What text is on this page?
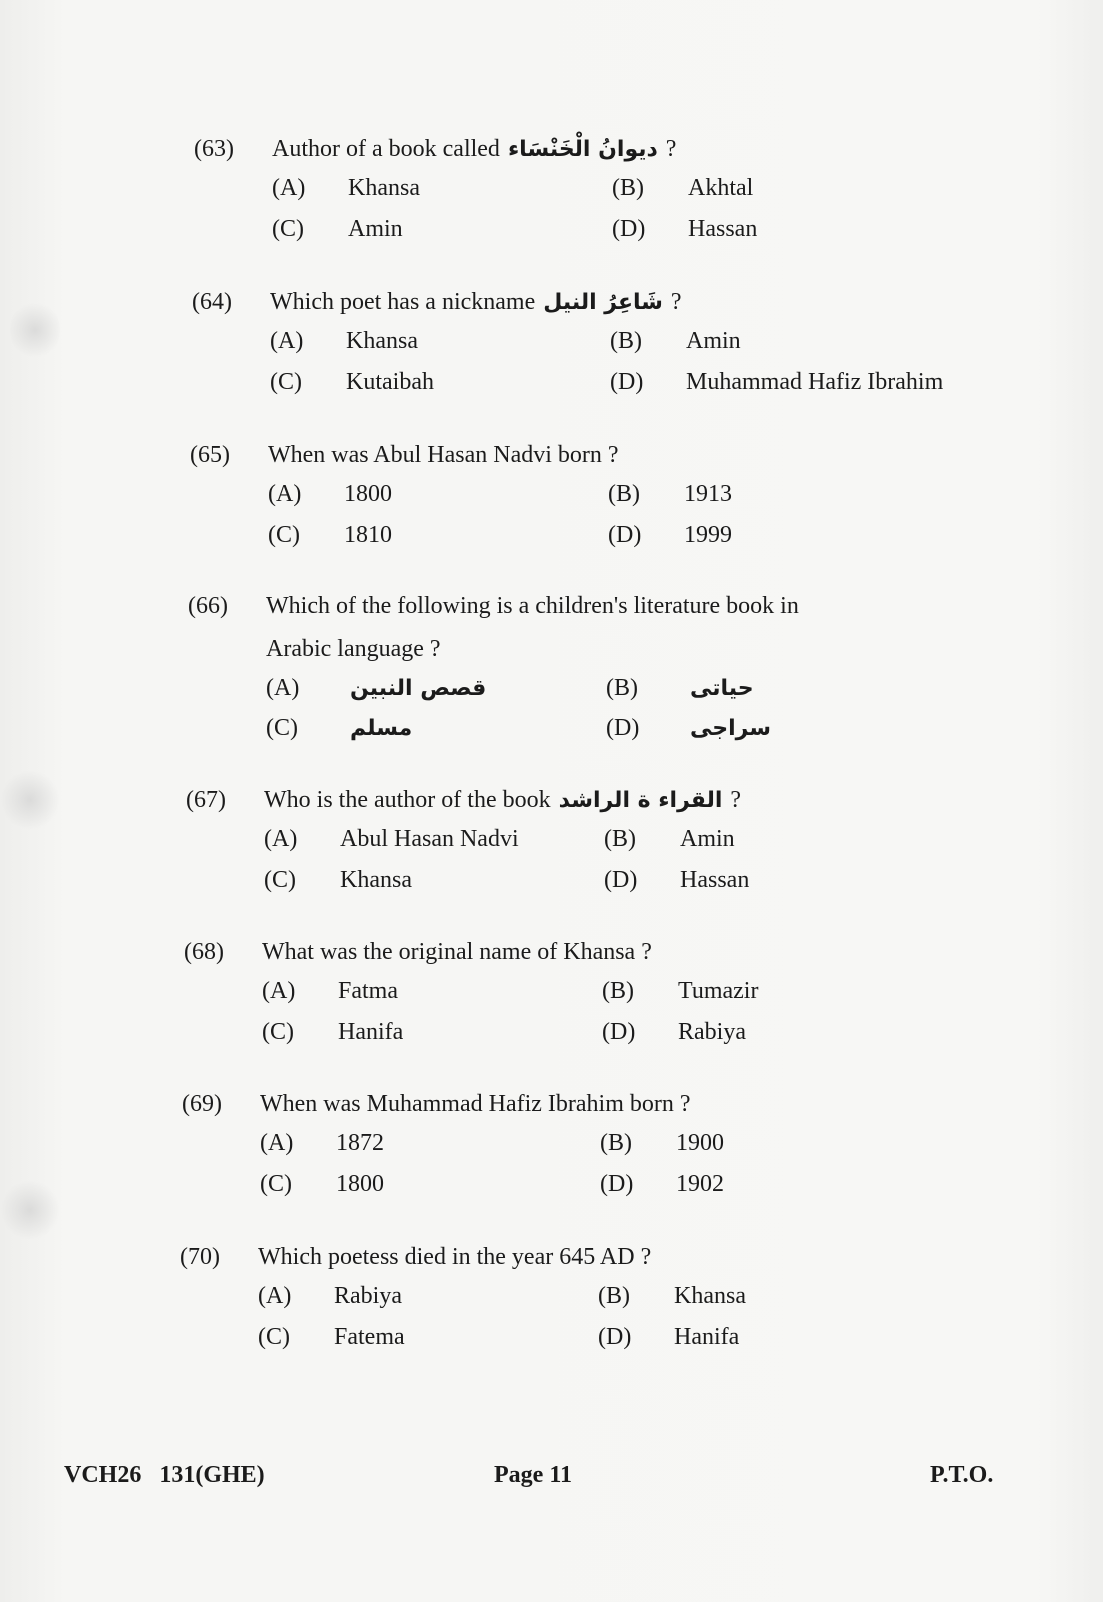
(63)	Author of a book called ديوانُ الْخَنْسَاء ?
(A)	Khansa	(B)	Akhtal
(C)	Amin	(D)	Hassan
(64)	Which poet has a nickname شَاعِرُ النيل ?
(A)	Khansa	(B)	Amin
(C)	Kutaibah	(D)	Muhammad Hafiz Ibrahim
(65)	When was Abul Hasan Nadvi born ?
(A)	1800	(B)	1913
(C)	1810	(D)	1999
(66)	Which of the following is a children's literature book in
Arabic language ?
(A)	قصص النبين	(B)	حياتى
(C)	مسلم	(D)	سراجى
(67)	Who is the author of the book القراء ة الراشد ?
(A)	Abul Hasan Nadvi	(B)	Amin
(C)	Khansa	(D)	Hassan
(68)	What was the original name of Khansa ?
(A)	Fatma	(B)	Tumazir
(C)	Hanifa	(D)	Rabiya
(69)	When was Muhammad Hafiz Ibrahim born ?
(A)	1872	(B)	1900
(C)	1800	(D)	1902
(70)	Which poetess died in the year 645 AD ?
(A)	Rabiya	(B)	Khansa
(C)	Fatema	(D)	Hanifa
VCH26   131(GHE)	Page 11	P.T.O.
